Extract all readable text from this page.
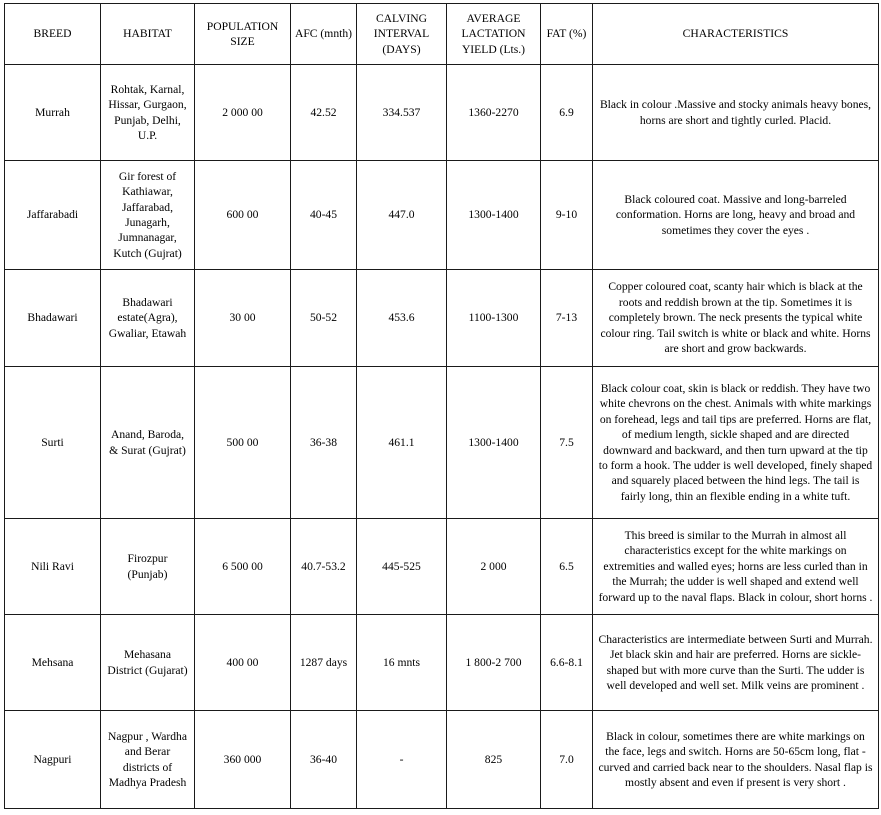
BREED	HABITAT	POPULATION SIZE	AFC (mnth)	CALVING INTERVAL (DAYS)	AVERAGE LACTATION YIELD (Lts.)	FAT (%)	CHARACTERISTICS
Murrah	Rohtak, Karnal, Hissar, Gurgaon, Punjab, Delhi, U.P.	2 000 00	42.52	334.537	1360-2270	6.9	Black in colour .Massive and stocky animals heavy bones, horns are short and tightly curled. Placid.
Jaffarabadi	Gir forest of Kathiawar, Jaffarabad, Junagarh, Jumnanagar, Kutch (Gujrat)	600 00	40-45	447.0	1300-1400	9-10	Black coloured coat. Massive and long-barreled conformation. Horns are long, heavy and broad and sometimes they cover the eyes .
Bhadawari	Bhadawari estate(Agra), Gwaliar, Etawah	30 00	50-52	453.6	1100-1300	7-13	Copper coloured coat, scanty hair which is black at the roots and reddish brown at the tip. Sometimes it is completely brown. The neck presents the typical white colour ring. Tail switch is white or black and white. Horns are short and grow backwards.
Surti	Anand, Baroda, & Surat (Gujrat)	500 00	36-38	461.1	1300-1400	7.5	Black colour coat, skin is black or reddish. They have two white chevrons on the chest. Animals with white markings on forehead, legs and tail tips are preferred. Horns are flat, of medium length, sickle shaped and are directed downward and backward, and then turn upward at the tip to form a hook. The udder is well developed, finely shaped and squarely placed between the hind legs. The tail is fairly long, thin an flexible ending in a white tuft.
Nili Ravi	Firozpur (Punjab)	6 500 00	40.7-53.2	445-525	2 000	6.5	This breed is similar to the Murrah in almost all characteristics except for the white markings on extremities and walled eyes; horns are less curled than in the Murrah; the udder is well shaped and extend well forward up to the naval flaps. Black in colour, short horns .
Mehsana	Mehasana District (Gujarat)	400 00	1287 days	16 mnts	1 800-2 700	6.6-8.1	Characteristics are intermediate between Surti and Murrah. Jet black skin and hair are preferred. Horns are sickle- shaped but with more curve than the Surti. The udder is well developed and well set. Milk veins are prominent .
Nagpuri	Nagpur , Wardha and Berar districts of Madhya Pradesh	360 000	36-40	-	825	7.0	Black in colour, sometimes there are white markings on the face, legs and switch. Horns are 50-65cm long, flat - curved and carried back near to the shoulders. Nasal flap is mostly absent and even if present is very short .
